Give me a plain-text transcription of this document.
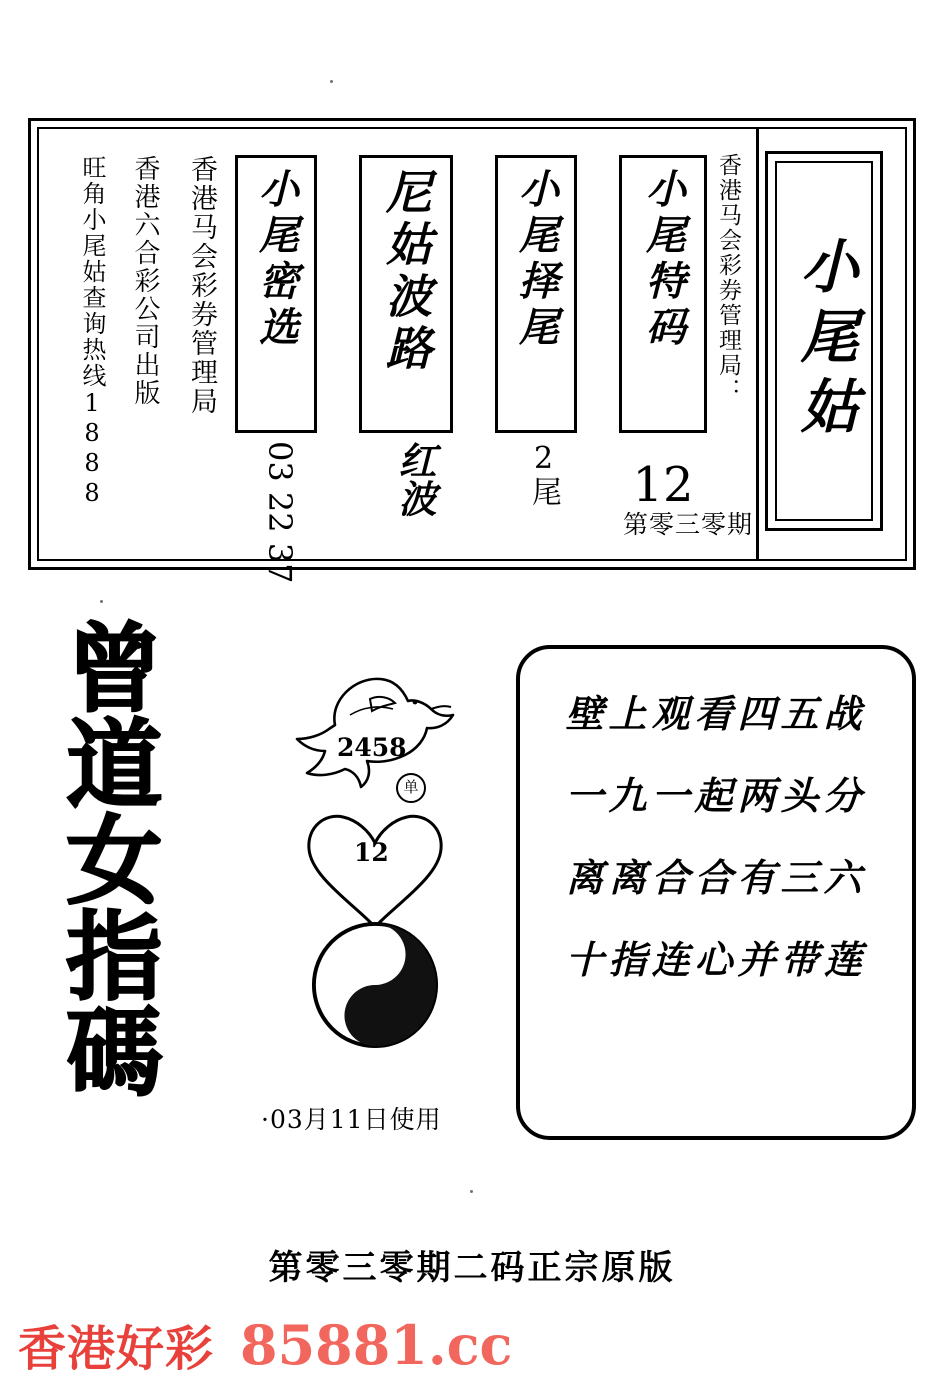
小尾姑
香港马会彩券管理局：
第零三零期
旺角小尾姑查询热线1888 香港六合彩公司出版 香港马会彩券管理局 小尾密选
03 22 37
尼姑波路
红波
小尾择尾
2尾
小尾特码
12
曾道女指碼	2458
单
12
22
·03月11日使用
壁上观看四五战
一九一起两头分
离离合合有三六
十指连心并带莲
第零三零期二码正宗原版
香港好彩 85881.cc
